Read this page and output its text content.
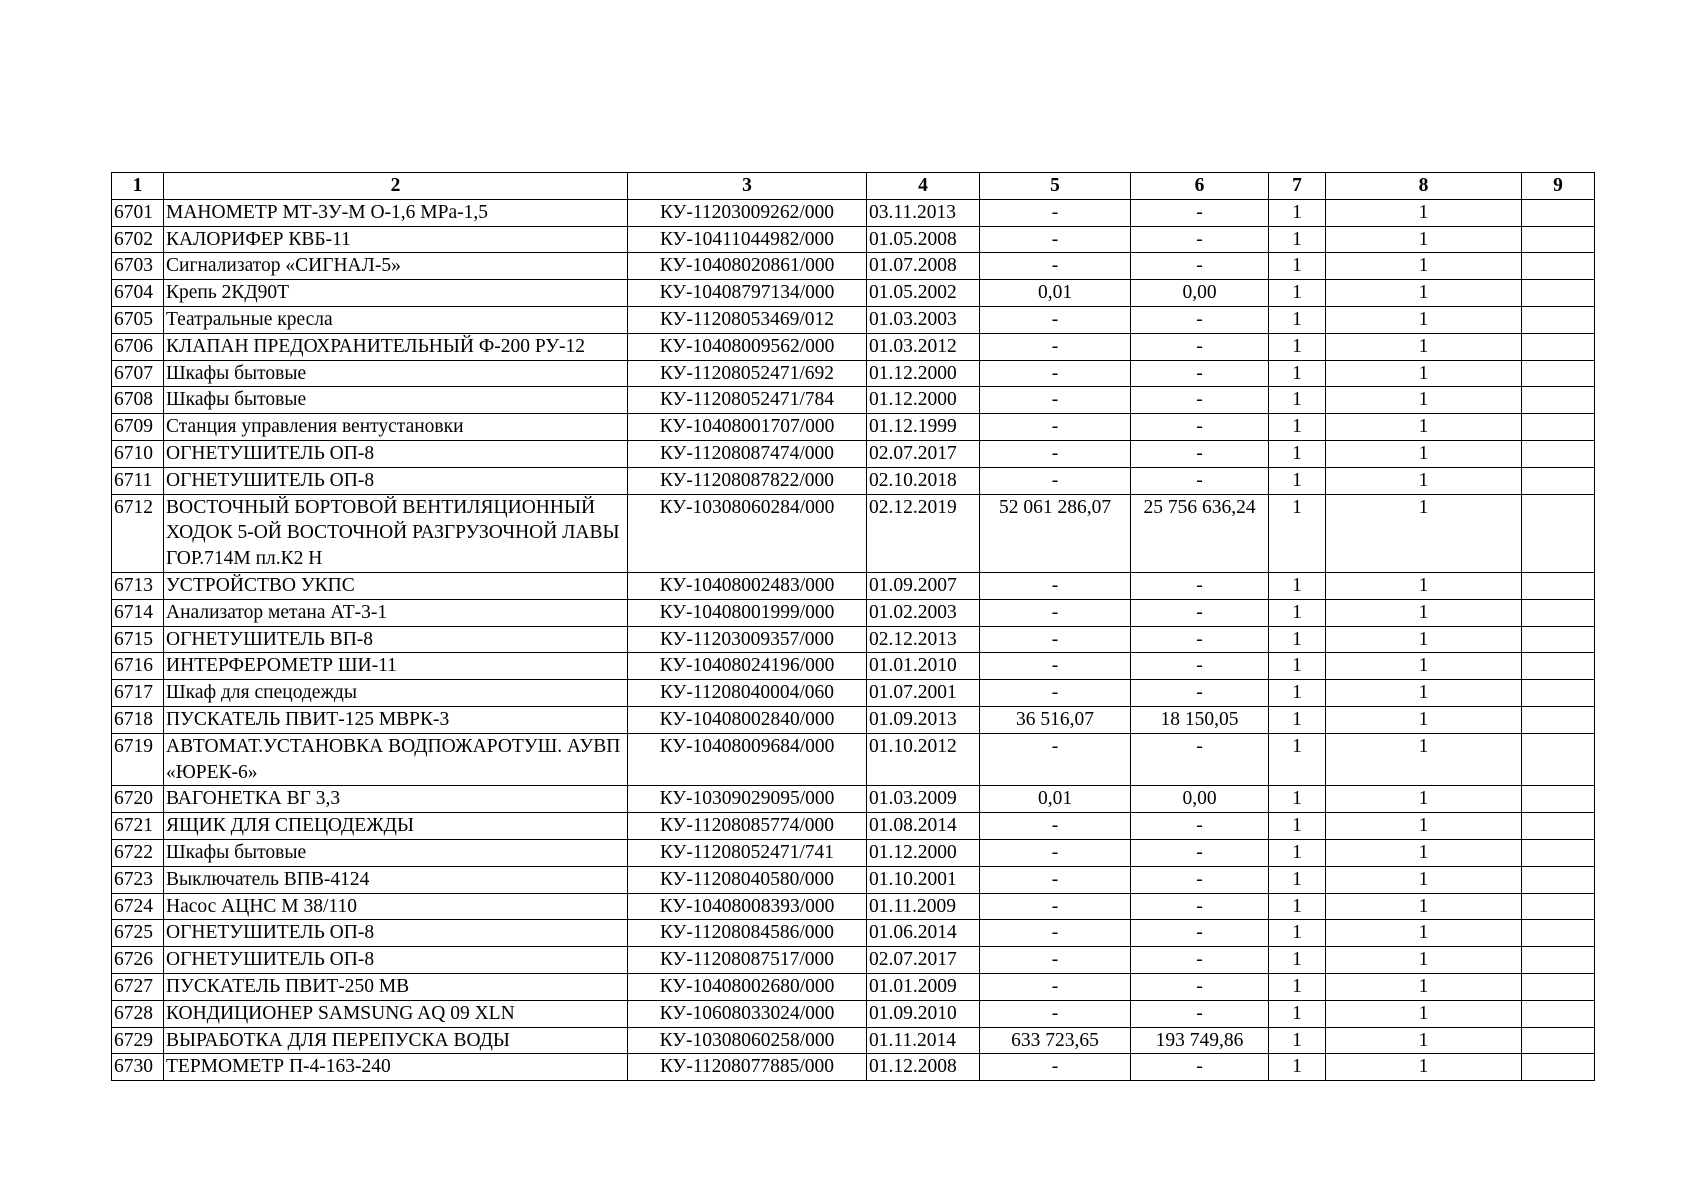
1	2	3	4	5	6	7	8	9
6701	МАНОМЕТР МТ-3У-М О-1,6 МРа-1,5	КУ-11203009262/000	03.11.2013	-	-	1	1	
6702	КАЛОРИФЕР КВБ-11	КУ-10411044982/000	01.05.2008	-	-	1	1	
6703	Сигнализатор «СИГНАЛ-5»	КУ-10408020861/000	01.07.2008	-	-	1	1	
6704	Крепь 2КД90Т	КУ-10408797134/000	01.05.2002	0,01	0,00	1	1	
6705	Театральные кресла	КУ-11208053469/012	01.03.2003	-	-	1	1	
6706	КЛАПАН ПРЕДОХРАНИТЕЛЬНЫЙ Ф-200 РУ-12	КУ-10408009562/000	01.03.2012	-	-	1	1	
6707	Шкафы бытовые	КУ-11208052471/692	01.12.2000	-	-	1	1	
6708	Шкафы бытовые	КУ-11208052471/784	01.12.2000	-	-	1	1	
6709	Станция управления вентустановки	КУ-10408001707/000	01.12.1999	-	-	1	1	
6710	ОГНЕТУШИТЕЛЬ ОП-8	КУ-11208087474/000	02.07.2017	-	-	1	1	
6711	ОГНЕТУШИТЕЛЬ ОП-8	КУ-11208087822/000	02.10.2018	-	-	1	1	
6712	ВОСТОЧНЫЙ БОРТОВОЙ ВЕНТИЛЯЦИОННЫЙ ХОДОК 5-ОЙ ВОСТОЧНОЙ РАЗГРУЗОЧНОЙ ЛАВЫ ГОР.714М пл.К2 Н	КУ-10308060284/000	02.12.2019	52 061 286,07	25 756 636,24	1	1	
6713	УСТРОЙСТВО УКПС	КУ-10408002483/000	01.09.2007	-	-	1	1	
6714	Анализатор метана АТ-3-1	КУ-10408001999/000	01.02.2003	-	-	1	1	
6715	ОГНЕТУШИТЕЛЬ ВП-8	КУ-11203009357/000	02.12.2013	-	-	1	1	
6716	ИНТЕРФЕРОМЕТР ШИ-11	КУ-10408024196/000	01.01.2010	-	-	1	1	
6717	Шкаф для спецодежды	КУ-11208040004/060	01.07.2001	-	-	1	1	
6718	ПУСКАТЕЛЬ ПВИТ-125 МВРК-3	КУ-10408002840/000	01.09.2013	36 516,07	18 150,05	1	1	
6719	АВТОМАТ.УСТАНОВКА ВОДПОЖАРОТУШ. АУВП «ЮРЕК-6»	КУ-10408009684/000	01.10.2012	-	-	1	1	
6720	ВАГОНЕТКА ВГ 3,3	КУ-10309029095/000	01.03.2009	0,01	0,00	1	1	
6721	ЯЩИК ДЛЯ СПЕЦОДЕЖДЫ	КУ-11208085774/000	01.08.2014	-	-	1	1	
6722	Шкафы бытовые	КУ-11208052471/741	01.12.2000	-	-	1	1	
6723	Выключатель ВПВ-4124	КУ-11208040580/000	01.10.2001	-	-	1	1	
6724	Насос АЦНС М 38/110	КУ-10408008393/000	01.11.2009	-	-	1	1	
6725	ОГНЕТУШИТЕЛЬ ОП-8	КУ-11208084586/000	01.06.2014	-	-	1	1	
6726	ОГНЕТУШИТЕЛЬ ОП-8	КУ-11208087517/000	02.07.2017	-	-	1	1	
6727	ПУСКАТЕЛЬ ПВИТ-250 МВ	КУ-10408002680/000	01.01.2009	-	-	1	1	
6728	КОНДИЦИОНЕР SAMSUNG AQ 09 XLN	КУ-10608033024/000	01.09.2010	-	-	1	1	
6729	ВЫРАБОТКА ДЛЯ ПЕРЕПУСКА ВОДЫ	КУ-10308060258/000	01.11.2014	633 723,65	193 749,86	1	1	
6730	ТЕРМОМЕТР П-4-163-240	КУ-11208077885/000	01.12.2008	-	-	1	1	
